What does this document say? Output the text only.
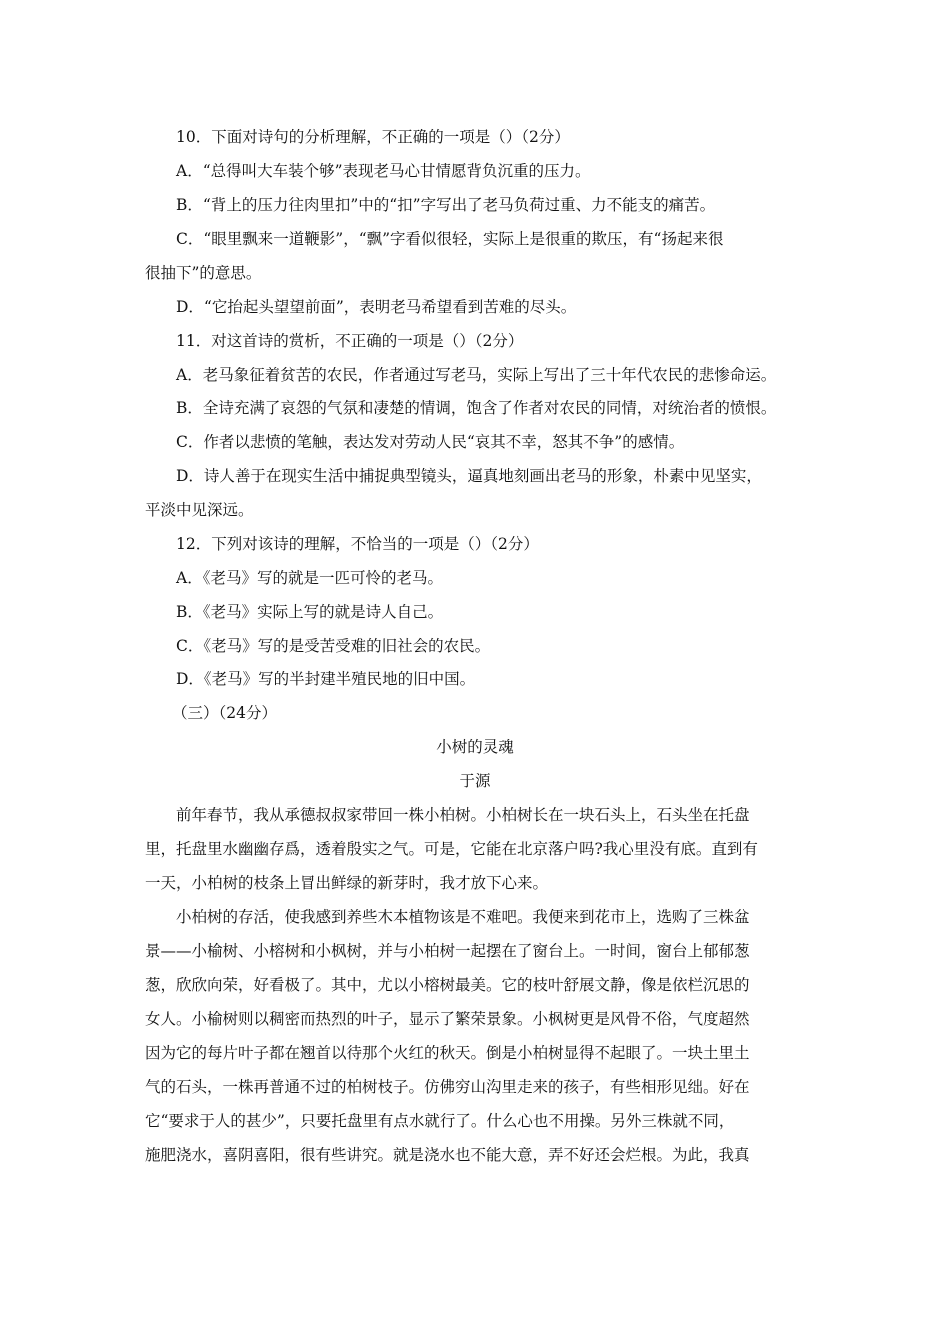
10．下面对诗句的分析理解，不正确的一项是（）（2分）
A．“总得叫大车装个够”表现老马心甘情愿背负沉重的压力。
B．“背上的压力往肉里扣”中的“扣”字写出了老马负荷过重、力不能支的痛苦。
C．“眼里飘来一道鞭影”，“飘”字看似很轻，实际上是很重的欺压，有“扬起来很
很抽下”的意思。
D．“它抬起头望望前面”，表明老马希望看到苦难的尽头。
11．对这首诗的赏析，不正确的一项是（）（2分）
A．老马象征着贫苦的农民，作者通过写老马，实际上写出了三十年代农民的悲惨命运。
B．全诗充满了哀怨的气氛和凄楚的情调，饱含了作者对农民的同情，对统治者的愤恨。
C．作者以悲愤的笔触，表达发对劳动人民“哀其不幸，怒其不争”的感情。
D．诗人善于在现实生活中捕捉典型镜头，逼真地刻画出老马的形象，朴素中见坚实，
平淡中见深远。
12．下列对该诗的理解，不恰当的一项是（）（2分）
A．《老马》写的就是一匹可怜的老马。
B．《老马》实际上写的就是诗人自己。
C．《老马》写的是受苦受难的旧社会的农民。
D．《老马》写的半封建半殖民地的旧中国。
（三）（24分）
小树的灵魂
于源
前年春节，我从承德叔叔家带回一株小柏树。小柏树长在一块石头上，石头坐在托盘
里，托盘里水幽幽存爲，透着殷实之气。可是，它能在北京落户吗?我心里没有底。直到有
一天，小柏树的枝条上冒出鲜绿的新芽时，我才放下心来。
小柏树的存活，使我感到养些木本植物该是不难吧。我便来到花市上，选购了三株盆
景——小榆树、小榕树和小枫树，并与小柏树一起摆在了窗台上。一时间，窗台上郁郁葱
葱，欣欣向荣，好看极了。其中，尤以小榕树最美。它的枝叶舒展文静，像是依栏沉思的
女人。小榆树则以稠密而热烈的叶子，显示了繁荣景象。小枫树更是风骨不俗，气度超然
因为它的每片叶子都在翘首以待那个火红的秋天。倒是小柏树显得不起眼了。一块土里土
气的石头，一株再普通不过的柏树枝子。仿佛穷山沟里走来的孩子，有些相形见绌。好在
它“要求于人的甚少”，只要托盘里有点水就行了。什么心也不用操。另外三株就不同，
施肥浇水，喜阴喜阳，很有些讲究。就是浇水也不能大意，弄不好还会烂根。为此，我真
